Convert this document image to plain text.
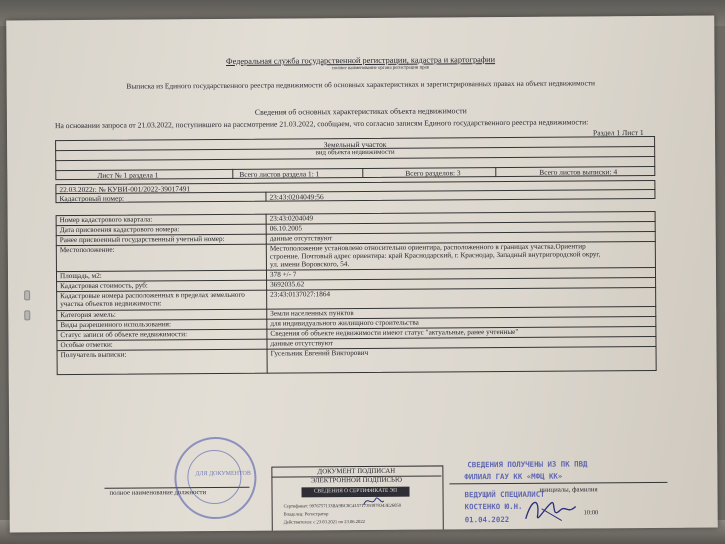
Федеральная служба государственной регистрации, кадастра и картографии
полное наименование органа регистрации прав
Выписка из Единого государственного реестра недвижимости об основных характеристиках и зарегистрированных правах на объект недвижимости
Сведения об основных характеристиках объекта недвижимости
На основании запроса от 21.03.2022, поступившего на рассмотрение 21.03.2022, сообщаем, что согласно записям Единого государственного реестра недвижимости:
Раздел 1 Лист 1
Земельный участок
вид объекта недвижимости
Лист № 1 раздела 1	Всего листов раздела 1: 1	Всего разделов: 3	Всего листов выписки: 4
22.03.2022г. № КУВИ-001/2022-39017491
Кадастровый номер:	23:43:0204049:56
Номер кадастрового квартала:	23:43:0204049
Дата присвоения кадастрового номера:	06.10.2005
Ранее присвоенный государственный учетный номер:	данные отсутствуют
Местоположение:	Местоположение установлено относительно ориентира, расположенного в границах участка.Ориентир
строение. Почтовый адрес ориентира: край Краснодарский, г. Краснодар, Западный внутригородской округ,
ул. имени Воровского, 54.
Площадь, м2:	378 +/- 7
Кадастровая стоимость, руб:	3692035.62
Кадастровые номера расположенных в пределах земельного
участка объектов недвижимости:
23:43:0137027:1864
Категория земель:	Земли населенных пунктов
Виды разрешенного использования:	для индивидуального жилищного строительства
Статус записи об объекте недвижимости:	Сведения об объекте недвижимости имеют статус "актуальные, ранее учтенные"
Особые отметки:	данные отсутствуют
Получатель выписки:	Гусельник Евгений Викторович
полное наименование должности
ДЛЯ ДОКУМЕНТОВ	ДОКУМЕНТ ПОДПИСАН
ЭЛЕКТРОННОЙ ПОДПИСЬЮ
СВЕДЕНИЯ О СЕРТИФИКАТЕ ЭП
Сертификат: 9976757133ВА9ВС8С415717393878343Е26050
Владелец: Регистратор
Действителен: с 23.03.2021 по 23.06.2022
СВЕДЕНИЯ ПОЛУЧЕНЫ ИЗ ПК ПВД
ФИЛИАЛ ГАУ КК «МФЦ КК»
ВЕДУЩИЙ СПЕЦИАЛИСТ
КОСТЕНКО Ю.Н.
01.04.2022
10:00
инициалы, фамилия
